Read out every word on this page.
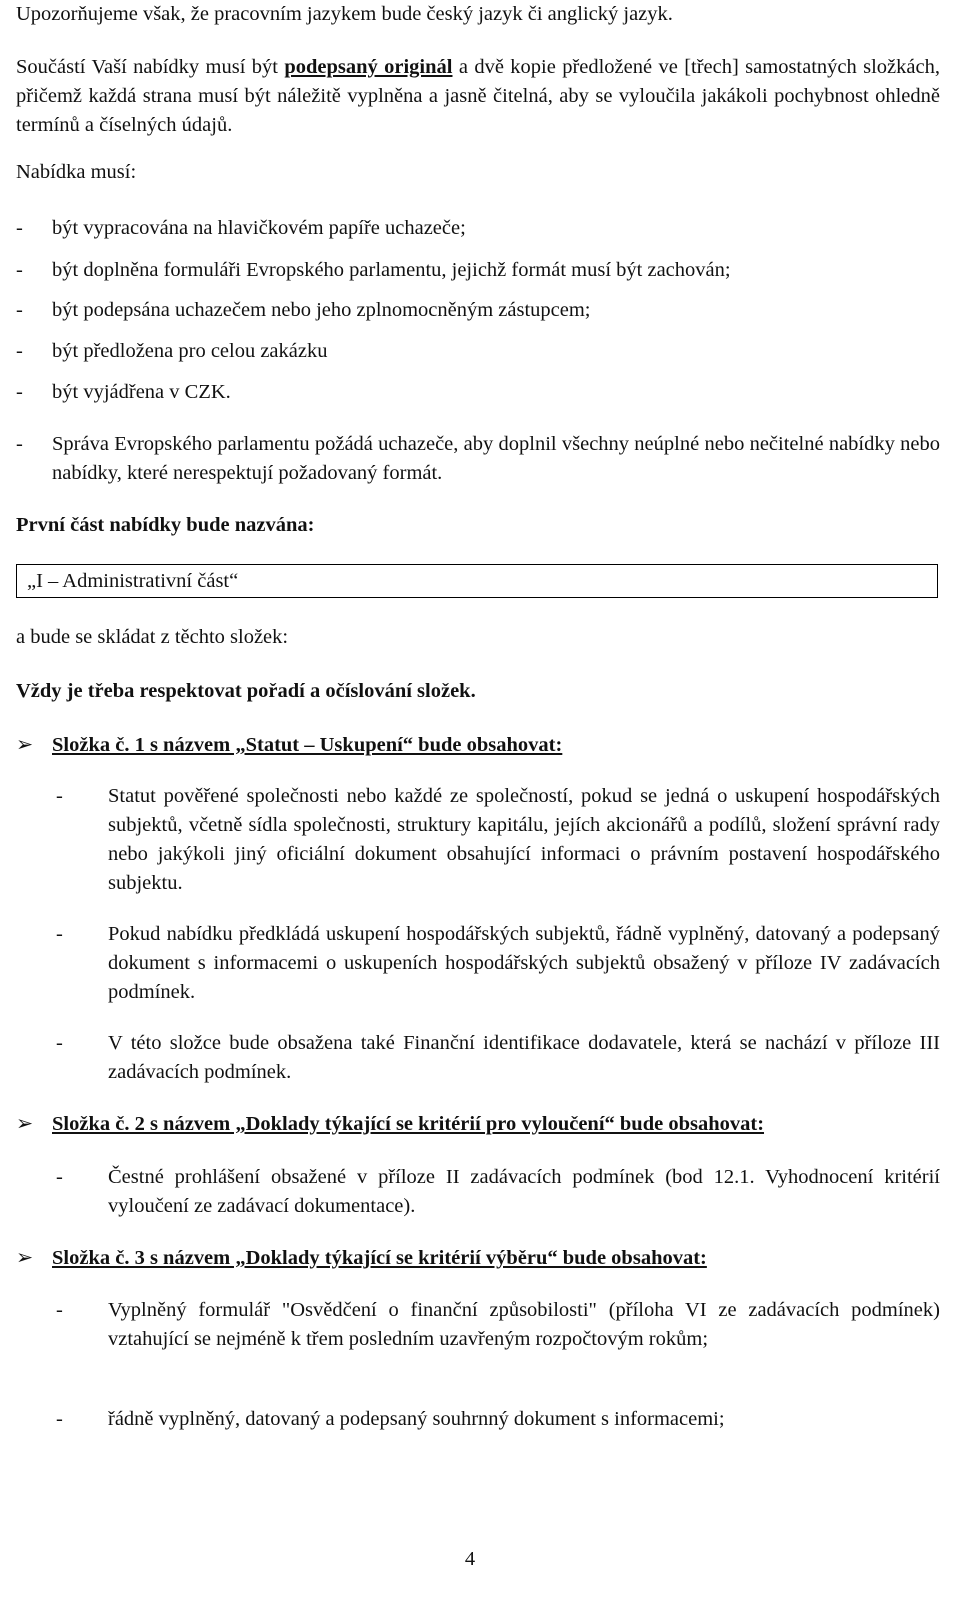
Upozorňujeme však, že pracovním jazykem bude český jazyk či anglický jazyk.

Součástí Vaší nabídky musí být podepsaný originál a dvě kopie předložené ve [třech] samostatných složkách, přičemž každá strana musí být náležitě vyplněna a jasně čitelná, aby se vyloučila jakákoli pochybnost ohledně termínů a číselných údajů.

Nabídka musí:

- být vypracována na hlavičkovém papíře uchazeče;
- být doplněna formuláři Evropského parlamentu, jejichž formát musí být zachován;
- být podepsána uchazečem nebo jeho zplnomocněným zástupcem;
- být předložena pro celou zakázku
- být vyjádřena v CZK.
- Správa Evropského parlamentu požádá uchazeče, aby doplnil všechny neúplné nebo nečitelné nabídky nebo nabídky, které nerespektují požadovaný formát.

První část nabídky bude nazvána:

„I – Administrativní část“

a bude se skládat z těchto složek:

Vždy je třeba respektovat pořadí a očíslování složek.

➢ Složka č. 1 s názvem „Statut – Uskupení“ bude obsahovat:
- Statut pověřené společnosti nebo každé ze společností, pokud se jedná o uskupení hospodářských subjektů, včetně sídla společnosti, struktury kapitálu, jejích akcionářů a podílů, složení správní rady nebo jakýkoli jiný oficiální dokument obsahující informaci o právním postavení hospodářského subjektu.
- Pokud nabídku předkládá uskupení hospodářských subjektů, řádně vyplněný, datovaný a podepsaný dokument s informacemi o uskupeních hospodářských subjektů obsažený v příloze IV zadávacích podmínek.
- V této složce bude obsažena také Finanční identifikace dodavatele, která se nachází v příloze III zadávacích podmínek.
➢ Složka č. 2 s názvem „Doklady týkající se kritérií pro vyloučení“ bude obsahovat:
- Čestné prohlášení obsažené v příloze II zadávacích podmínek (bod 12.1. Vyhodnocení kritérií vyloučení ze zadávací dokumentace).
➢ Složka č. 3 s názvem „Doklady týkající se kritérií výběru“ bude obsahovat:
- Vyplněný formulář "Osvědčení o finanční způsobilosti" (příloha VI ze zadávacích podmínek) vztahující se nejméně k třem posledním uzavřeným rozpočtovým rokům;
- řádně vyplněný, datovaný a podepsaný souhrnný dokument s informacemi;
4
